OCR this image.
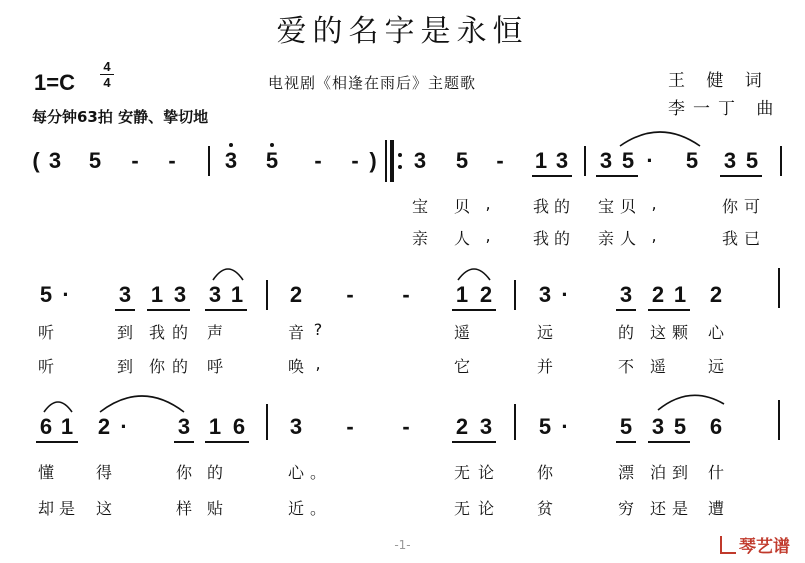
爱的名字是永恒
1=C
4
4	电视剧《相逢在雨后》主题歌	王 健 词
李一丁 曲
每分钟63拍 安静、挚切地
( 3 5 - - 3 5 - - ) 3 5 - 1 3 3 5 · 5 3 5
宝 贝 ,	我 的 宝 贝 ,	你 可
亲 人 ,	我 的 亲 人 ,	我 已
5 · 3 1 3 3 1 2 - - 1 2 3 · 3 2 1 2
听	到 我 的 声	音 ?	遥	远	的 这 颗 心
听	到 你 的 呼	唤 ,	它	并	不 遥	远
6 1 2 · 3 1 6 3 - - 2 3 5 · 5 3 5 6
懂	得	你 的	心 。	无 论	你	漂 泊 到 什
却 是 这	样 贴	近 。	无 论	贫	穷 还 是 遭
-1-	琴艺谱
